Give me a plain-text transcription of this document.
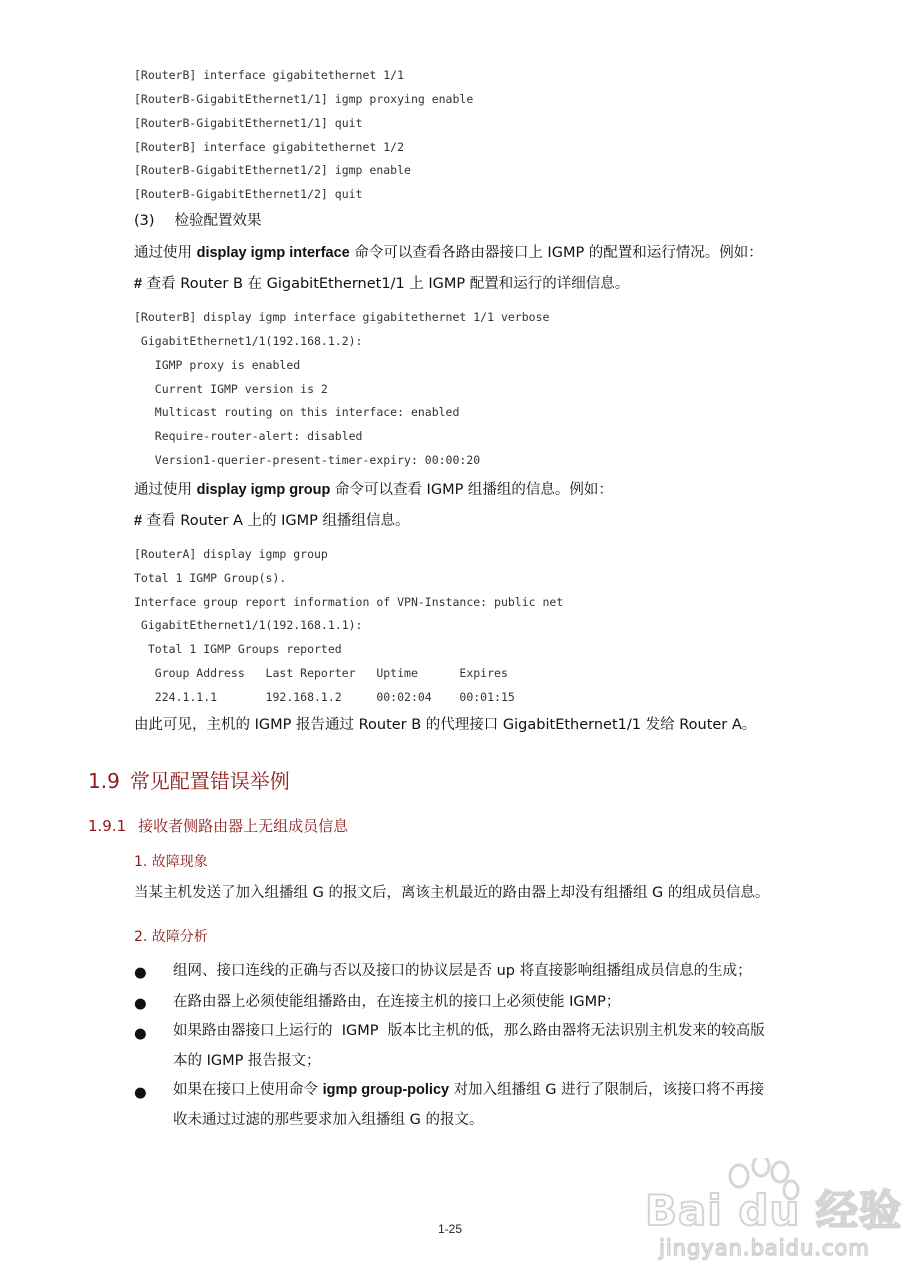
[RouterB] interface gigabitethernet 1/1
[RouterB-GigabitEthernet1/1] igmp proxying enable
[RouterB-GigabitEthernet1/1] quit
[RouterB] interface gigabitethernet 1/2
[RouterB-GigabitEthernet1/2] igmp enable
[RouterB-GigabitEthernet1/2] quit
(3) 检验配置效果
通过使用 display igmp interface 命令可以查看各路由器接口上 IGMP 的配置和运行情况。例如：
# 查看 Router B 在 GigabitEthernet1/1 上 IGMP 配置和运行的详细信息。
[RouterB] display igmp interface gigabitethernet 1/1 verbose
GigabitEthernet1/1(192.168.1.2):
IGMP proxy is enabled
Current IGMP version is 2
Multicast routing on this interface: enabled
Require-router-alert: disabled
Version1-querier-present-timer-expiry: 00:00:20
通过使用 display igmp group 命令可以查看 IGMP 组播组的信息。例如：
# 查看 Router A 上的 IGMP 组播组信息。
[RouterA] display igmp group
Total 1 IGMP Group(s).
Interface group report information of VPN-Instance: public net
GigabitEthernet1/1(192.168.1.1):
Total 1 IGMP Groups reported
Group Address   Last Reporter   Uptime      Expires
224.1.1.1       192.168.1.2     00:02:04    00:01:15
由此可见，主机的 IGMP 报告通过 Router B 的代理接口 GigabitEthernet1/1 发给 Router A。
1.9 常见配置错误举例
1.9.1 接收者侧路由器上无组成员信息
1. 故障现象
当某主机发送了加入组播组 G 的报文后，离该主机最近的路由器上却没有组播组 G 的组成员信息。
2. 故障分析
● 组网、接口连线的正确与否以及接口的协议层是否 up 将直接影响组播组成员信息的生成；
● 在路由器上必须使能组播路由，在连接主机的接口上必须使能 IGMP；
● 如果路由器接口上运行的  IGMP  版本比主机的低，那么路由器将无法识别主机发来的较高版
本的 IGMP 报告报文；
● 如果在接口上使用命令 igmp group-policy 对加入组播组 G 进行了限制后，该接口将不再接
收未通过过滤的那些要求加入组播组 G 的报文。
1-25	Bai du 经验
jingyan.baidu.com
